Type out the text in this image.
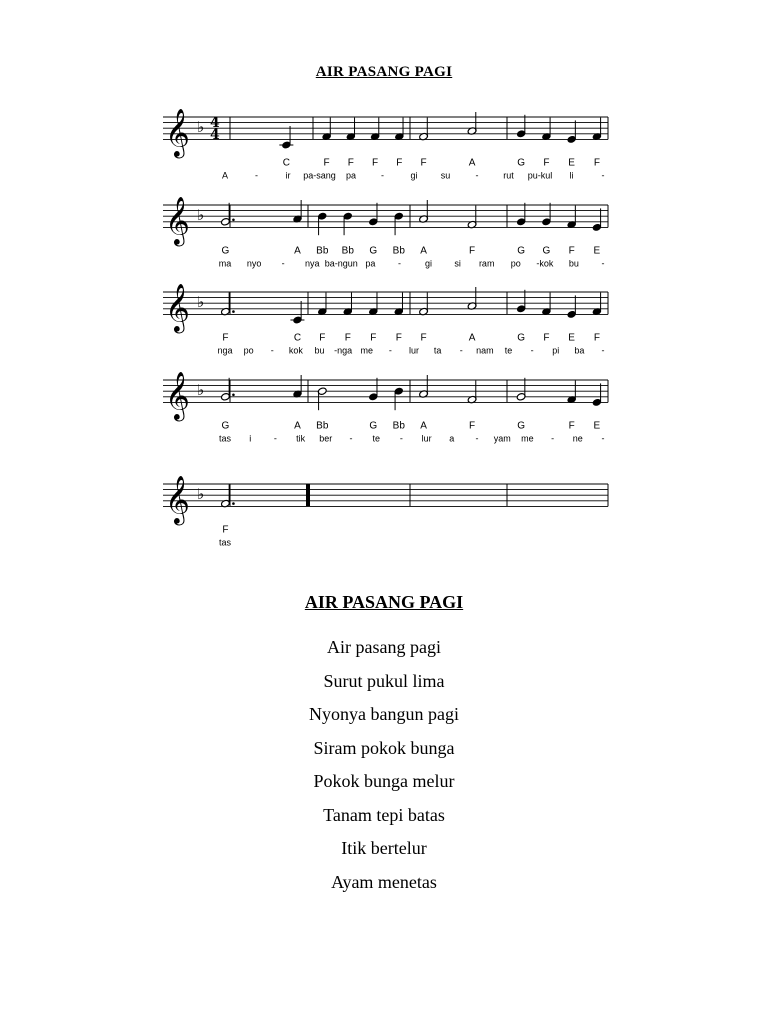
AIR PASANG PAGI
𝄞 ♭ 4
4
C	F F F F F	A	G F E F
A	-	ir pa-sang pa	-	gi	su	-	rut pu-kul li	-
𝄞 ♭
G	A Bb Bb G Bb A	F	G G F E
ma nyo - nya ba-ngun pa	-	gi si ram po -kok bu	-
𝄞 ♭
F	C F F F F F	A	G F E F
nga po - kok bu -nga me - lur ta - nam te - pi ba -
𝄞 ♭
G	A Bb	G Bb A	F	G	F E
tas i	- tik ber - te - lur a - yam me - ne -
𝄞 ♭
F
tas
AIR PASANG PAGI
Air pasang pagi
Surut pukul lima
Nyonya bangun pagi
Siram pokok bunga
Pokok bunga melur
Tanam tepi batas
Itik bertelur
Ayam menetas
